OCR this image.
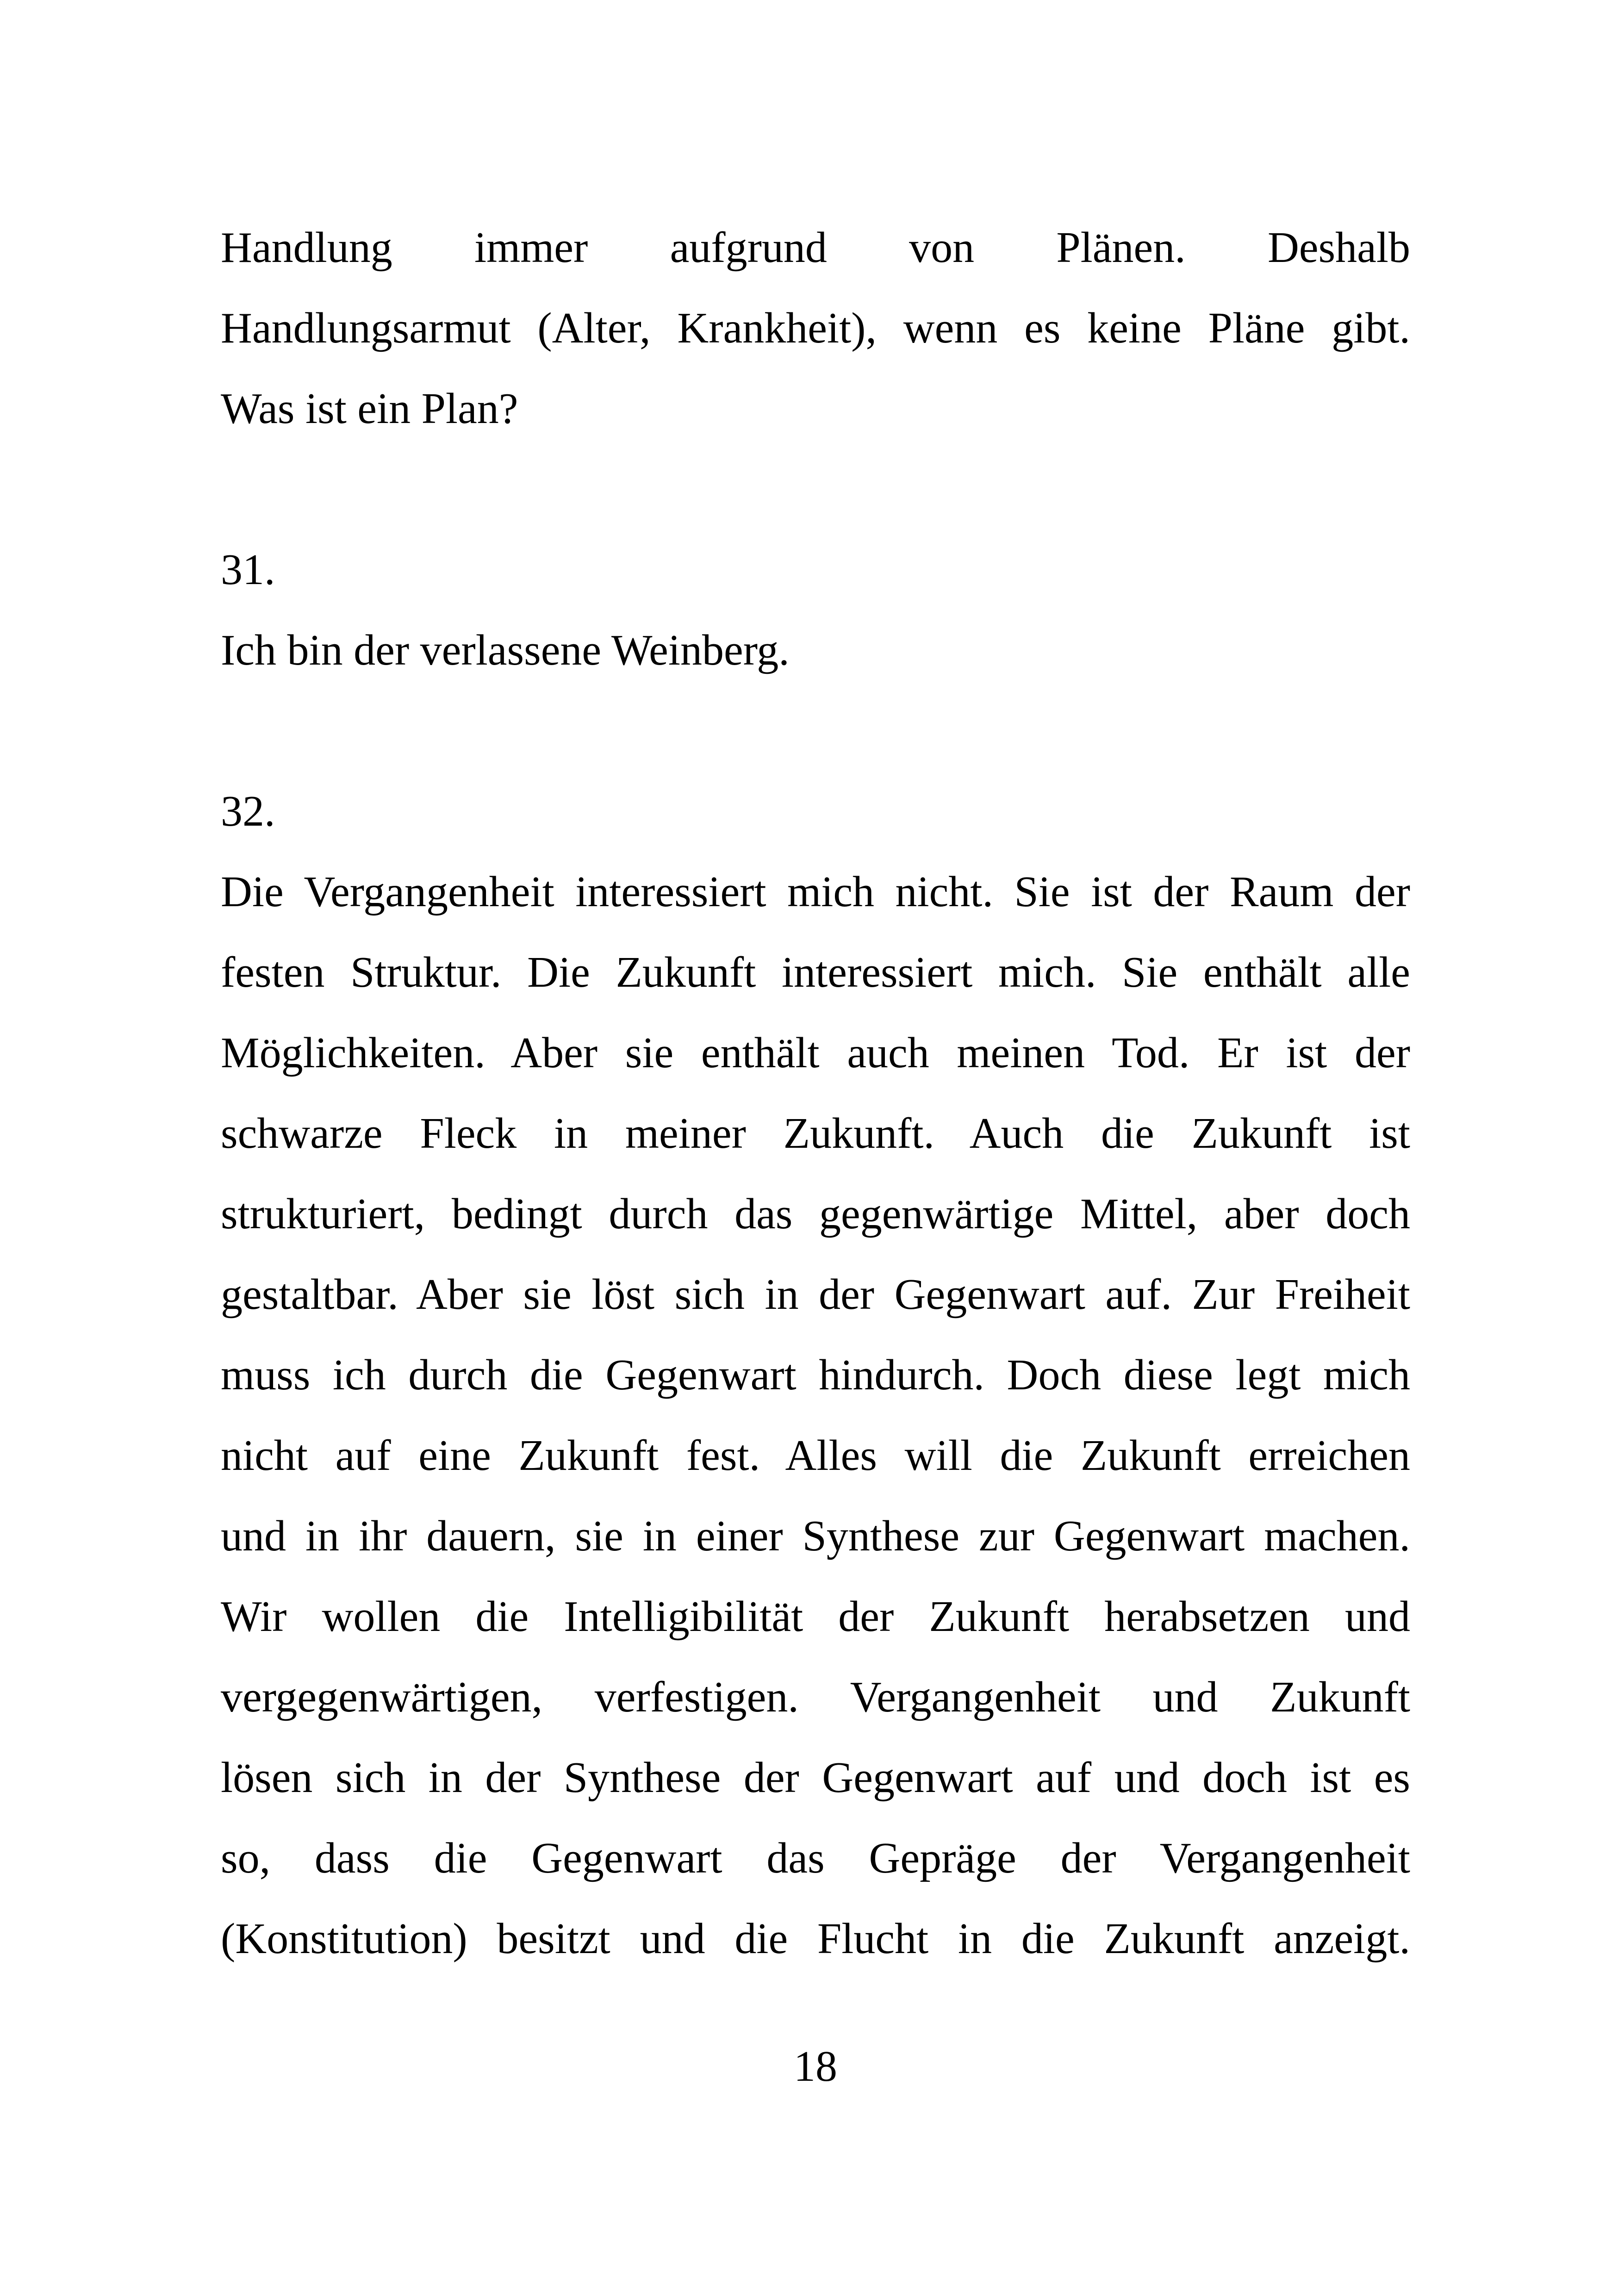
Handlung immer aufgrund von Plänen. Deshalb
Handlungsarmut (Alter, Krankheit), wenn es keine Pläne gibt.
Was ist ein Plan?
31.
Ich bin der verlassene Weinberg.
32.
Die Vergangenheit interessiert mich nicht. Sie ist der Raum der
festen Struktur. Die Zukunft interessiert mich. Sie enthält alle
Möglichkeiten. Aber sie enthält auch meinen Tod. Er ist der
schwarze Fleck in meiner Zukunft. Auch die Zukunft ist
strukturiert, bedingt durch das gegenwärtige Mittel, aber doch
gestaltbar. Aber sie löst sich in der Gegenwart auf. Zur Freiheit
muss ich durch die Gegenwart hindurch. Doch diese legt mich
nicht auf eine Zukunft fest. Alles will die Zukunft erreichen
und in ihr dauern, sie in einer Synthese zur Gegenwart machen.
Wir wollen die Intelligibilität der Zukunft herabsetzen und
vergegenwärtigen, verfestigen. Vergangenheit und Zukunft
lösen sich in der Synthese der Gegenwart auf und doch ist es
so, dass die Gegenwart das Gepräge der Vergangenheit
(Konstitution) besitzt und die Flucht in die Zukunft anzeigt.
18
